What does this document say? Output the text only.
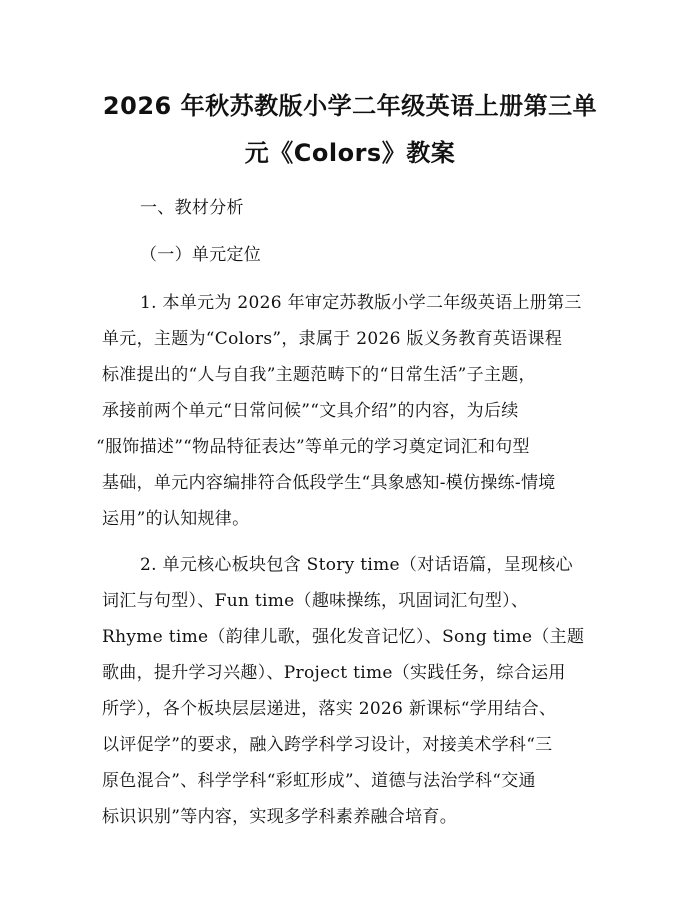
2026 年秋苏教版小学二年级英语上册第三单
元《Colors》教案
一、教材分析
（一）单元定位
1. 本单元为 2026 年审定苏教版小学二年级英语上册第三
单元，主题为“Colors”，隶属于 2026 版义务教育英语课程
标准提出的“人与自我”主题范畴下的“日常生活”子主题，
承接前两个单元“日常问候”“文具介绍”的内容，为后续
“服饰描述”“物品特征表达”等单元的学习奠定词汇和句型
基础，单元内容编排符合低段学生“具象感知-模仿操练-情境
运用”的认知规律。
2. 单元核心板块包含 Story time（对话语篇，呈现核心
词汇与句型）、Fun time（趣味操练，巩固词汇句型）、
Rhyme time（韵律儿歌，强化发音记忆）、Song time（主题
歌曲，提升学习兴趣）、Project time（实践任务，综合运用
所学），各个板块层层递进，落实 2026 新课标“学用结合、
以评促学”的要求，融入跨学科学习设计，对接美术学科“三
原色混合”、科学学科“彩虹形成”、道德与法治学科“交通
标识识别”等内容，实现多学科素养融合培育。
